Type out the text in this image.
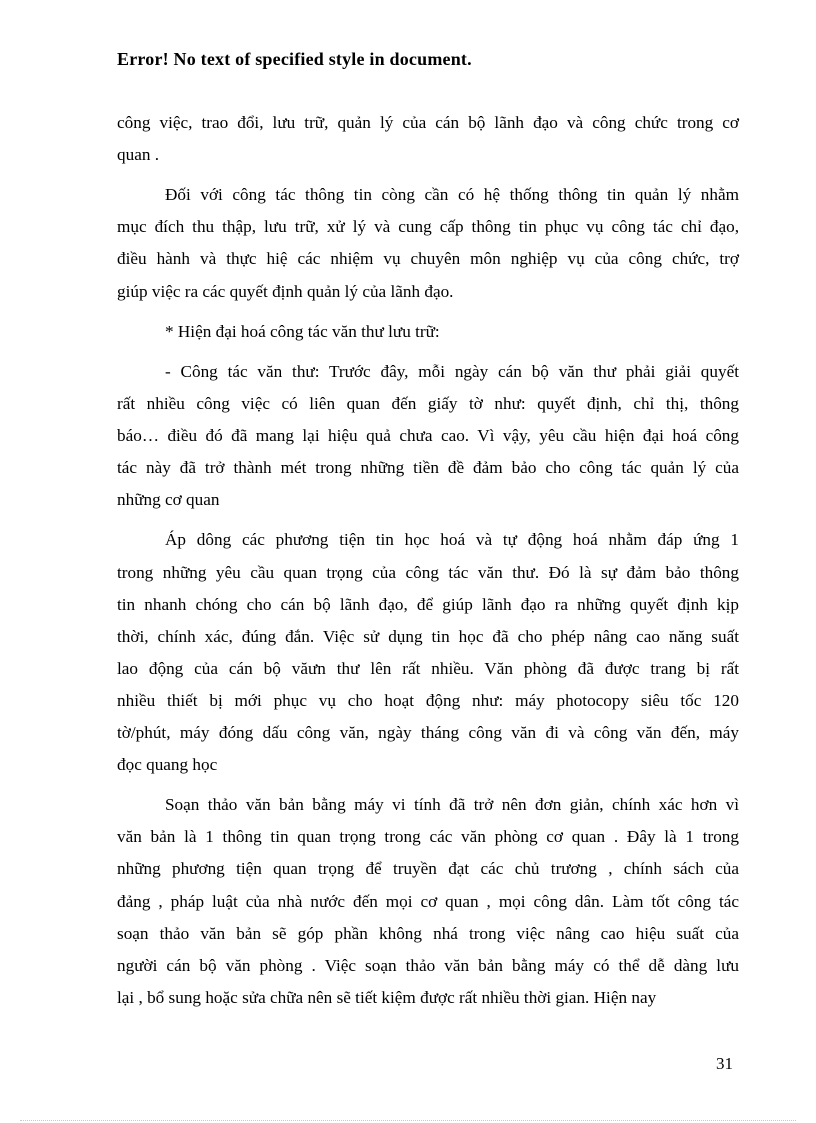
Error! No text of specified style in document.
công việc, trao đổi, lưu trữ, quản lý của cán bộ lãnh đạo và công chức trong cơ
quan .
Đối với công tác thông tin còng cần có hệ thống thông tin quản lý nhằm
mục đích thu thập, lưu trữ, xử lý và cung cấp thông tin phục vụ công tác chỉ đạo,
điều hành và thực hiệ các nhiệm vụ chuyên môn nghiệp vụ của công chức, trợ
giúp việc ra các quyết định quản lý của lãnh đạo.
* Hiện đại hoá công tác văn thư lưu trữ:
- Công tác văn thư: Trước đây, mỗi ngày cán bộ văn thư phải giải quyết
rất nhiều công việc có liên quan đến giấy tờ như: quyết định, chỉ thị, thông
báo… điều đó đã mang lại hiệu quả chưa cao. Vì vậy, yêu cầu hiện đại hoá công
tác này đã trở thành mét trong những tiền đề đảm bảo cho công tác quản lý của
những cơ quan
Áp dông các phương tiện tin học hoá và tự động hoá nhằm đáp ứng 1
trong những yêu cầu quan trọng của công tác văn thư. Đó là sự đảm bảo thông
tin nhanh chóng cho cán bộ lãnh đạo, để giúp lãnh đạo ra những quyết định kịp
thời, chính xác, đúng đắn. Việc sử dụng tin học đã cho phép nâng cao năng suất
lao động của cán bộ văưn thư lên rất nhiều. Văn phòng đã được trang bị rất
nhiều thiết bị mới phục vụ cho hoạt động như: máy photocopy siêu tốc 120
tờ/phút, máy đóng dấu công văn, ngày tháng công văn đi và công văn đến, máy
đọc quang học
Soạn thảo văn bản bằng máy vi tính đã trở nên đơn giản, chính xác hơn vì
văn bản là 1 thông tin quan trọng trong các văn phòng cơ quan . Đây là 1 trong
những phương tiện quan trọng để truyền đạt các chủ trương , chính sách của
đảng , pháp luật của nhà nước đến mọi cơ quan , mọi công dân. Làm tốt công tác
soạn thảo văn bản sẽ góp phần không nhá trong việc nâng cao hiệu suất của
người cán bộ văn phòng . Việc soạn thảo văn bản bằng máy có thể dễ dàng lưu
lại , bổ sung hoặc sửa chữa nên sẽ tiết kiệm được rất nhiều thời gian. Hiện nay
31
